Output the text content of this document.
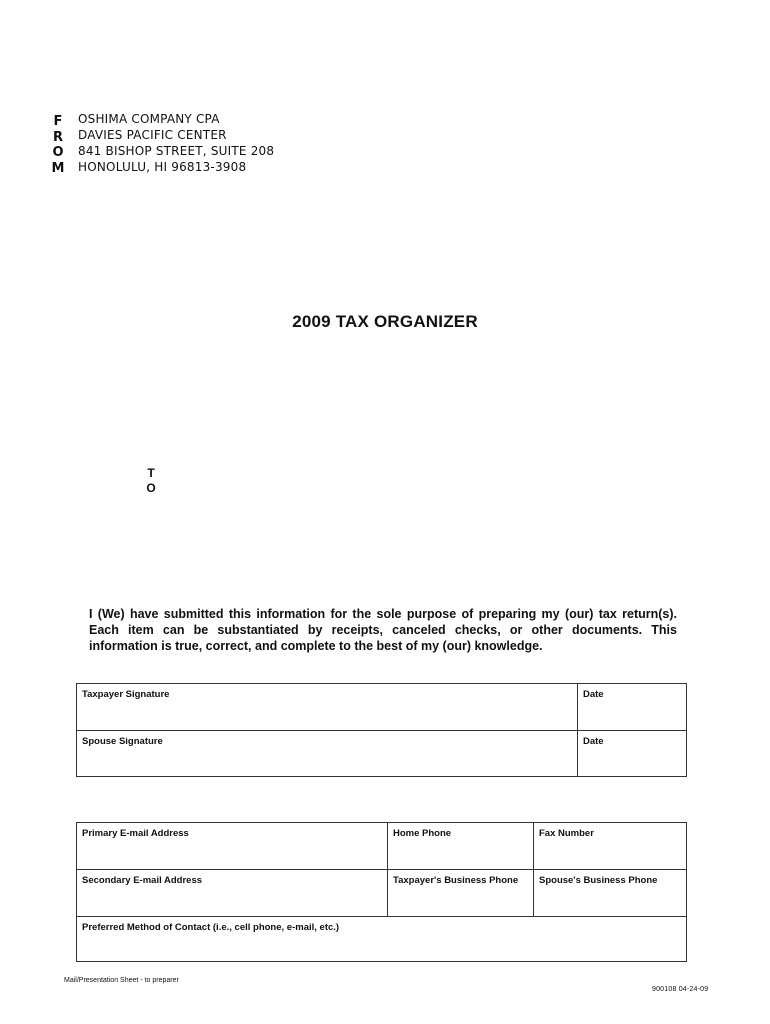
F
R
O
M
OSHIMA COMPANY CPA
DAVIES PACIFIC CENTER
841 BISHOP STREET, SUITE 208
HONOLULU, HI 96813-3908
2009 TAX ORGANIZER
T
O
I (We) have submitted this information for the sole purpose of preparing my (our) tax return(s). Each item can be substantiated by receipts, canceled checks, or other documents. This information is true, correct, and complete to the best of my (our) knowledge.
Taxpayer Signature	Date
Spouse Signature	Date
Primary E-mail Address	Home Phone	Fax Number
Secondary E-mail Address	Taxpayer's Business Phone	Spouse's Business Phone
Preferred Method of Contact (i.e., cell phone, e-mail, etc.)
Mail/Presentation Sheet - to preparer
900108 04-24-09
